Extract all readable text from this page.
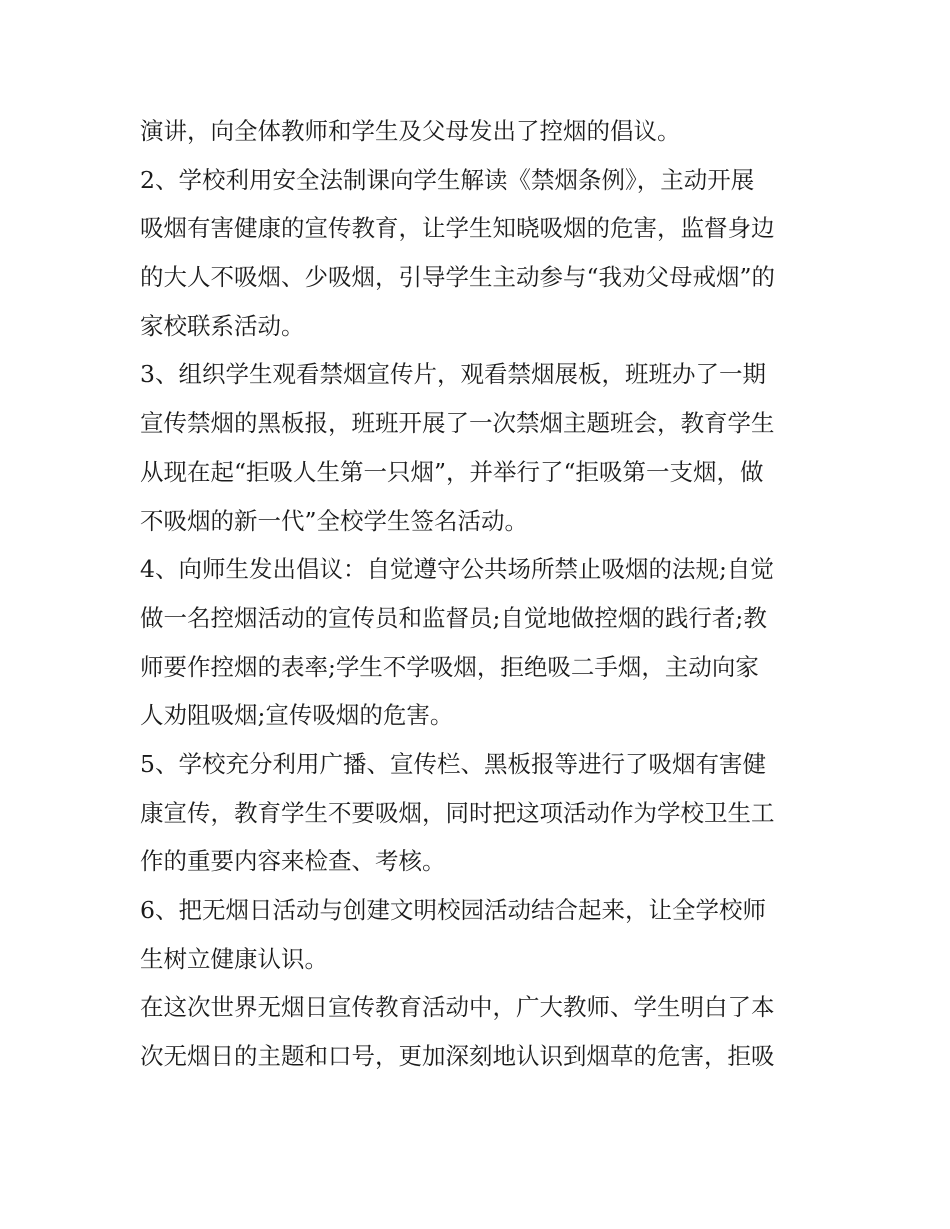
演讲，向全体教师和学生及父母发出了控烟的倡议。
2、学校利用安全法制课向学生解读《禁烟条例》，主动开展
吸烟有害健康的宣传教育，让学生知晓吸烟的危害，监督身边
的大人不吸烟、少吸烟，引导学生主动参与“我劝父母戒烟”的
家校联系活动。
3、组织学生观看禁烟宣传片，观看禁烟展板，班班办了一期
宣传禁烟的黑板报，班班开展了一次禁烟主题班会，教育学生
从现在起“拒吸人生第一只烟”，并举行了“拒吸第一支烟，做
不吸烟的新一代”全校学生签名活动。
4、向师生发出倡议：自觉遵守公共场所禁止吸烟的法规;自觉
做一名控烟活动的宣传员和监督员;自觉地做控烟的践行者;教
师要作控烟的表率;学生不学吸烟，拒绝吸二手烟，主动向家
人劝阻吸烟;宣传吸烟的危害。
5、学校充分利用广播、宣传栏、黑板报等进行了吸烟有害健
康宣传，教育学生不要吸烟，同时把这项活动作为学校卫生工
作的重要内容来检查、考核。
6、把无烟日活动与创建文明校园活动结合起来，让全学校师
生树立健康认识。
在这次世界无烟日宣传教育活动中，广大教师、学生明白了本
次无烟日的主题和口号，更加深刻地认识到烟草的危害，拒吸
